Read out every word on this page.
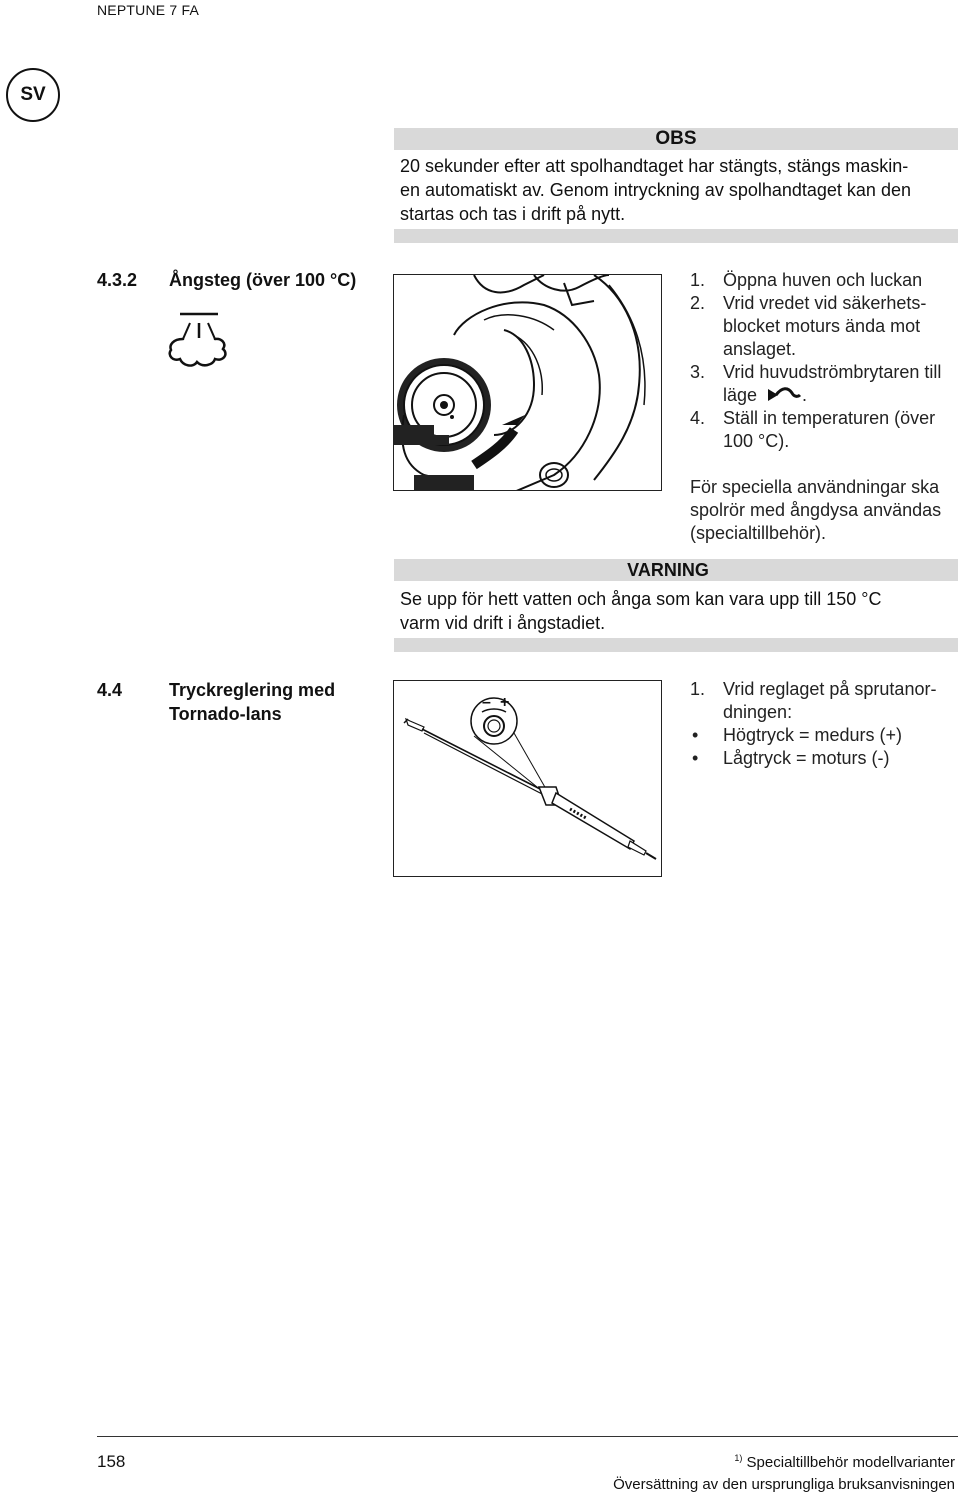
NEPTUNE 7 FA
SV
OBS
20 sekunder efter att spolhandtaget har stängts, stängs maskin-
en automatiskt av. Genom intryckning av spolhandtaget kan den
startas och tas i drift på nytt.
4.3.2 Ångsteg (över 100 °C)	1. Öppna huven och luckan
2. Vrid vredet vid säkerhets-
blocket moturs ända mot
anslaget.
3. Vrid huvudströmbrytaren till
läge	.
4. Ställ in temperaturen (över
100 °C).
För speciella användningar ska
spolrör med ångdysa användas
(specialtillbehör).
VARNING
Se upp för hett vatten och ånga som kan vara upp till 150 °C
varm vid drift i ångstadiet.
4.4	Tryckreglering med
Tornado-lans
– +
1. Vrid reglaget på sprutanor-
dningen:
• Högtryck = medurs (+)
• Lågtryck = moturs (-)
158	$^{1)}$ Specialtillbehör modellvarianter
Översättning av den ursprungliga bruksanvisningen
